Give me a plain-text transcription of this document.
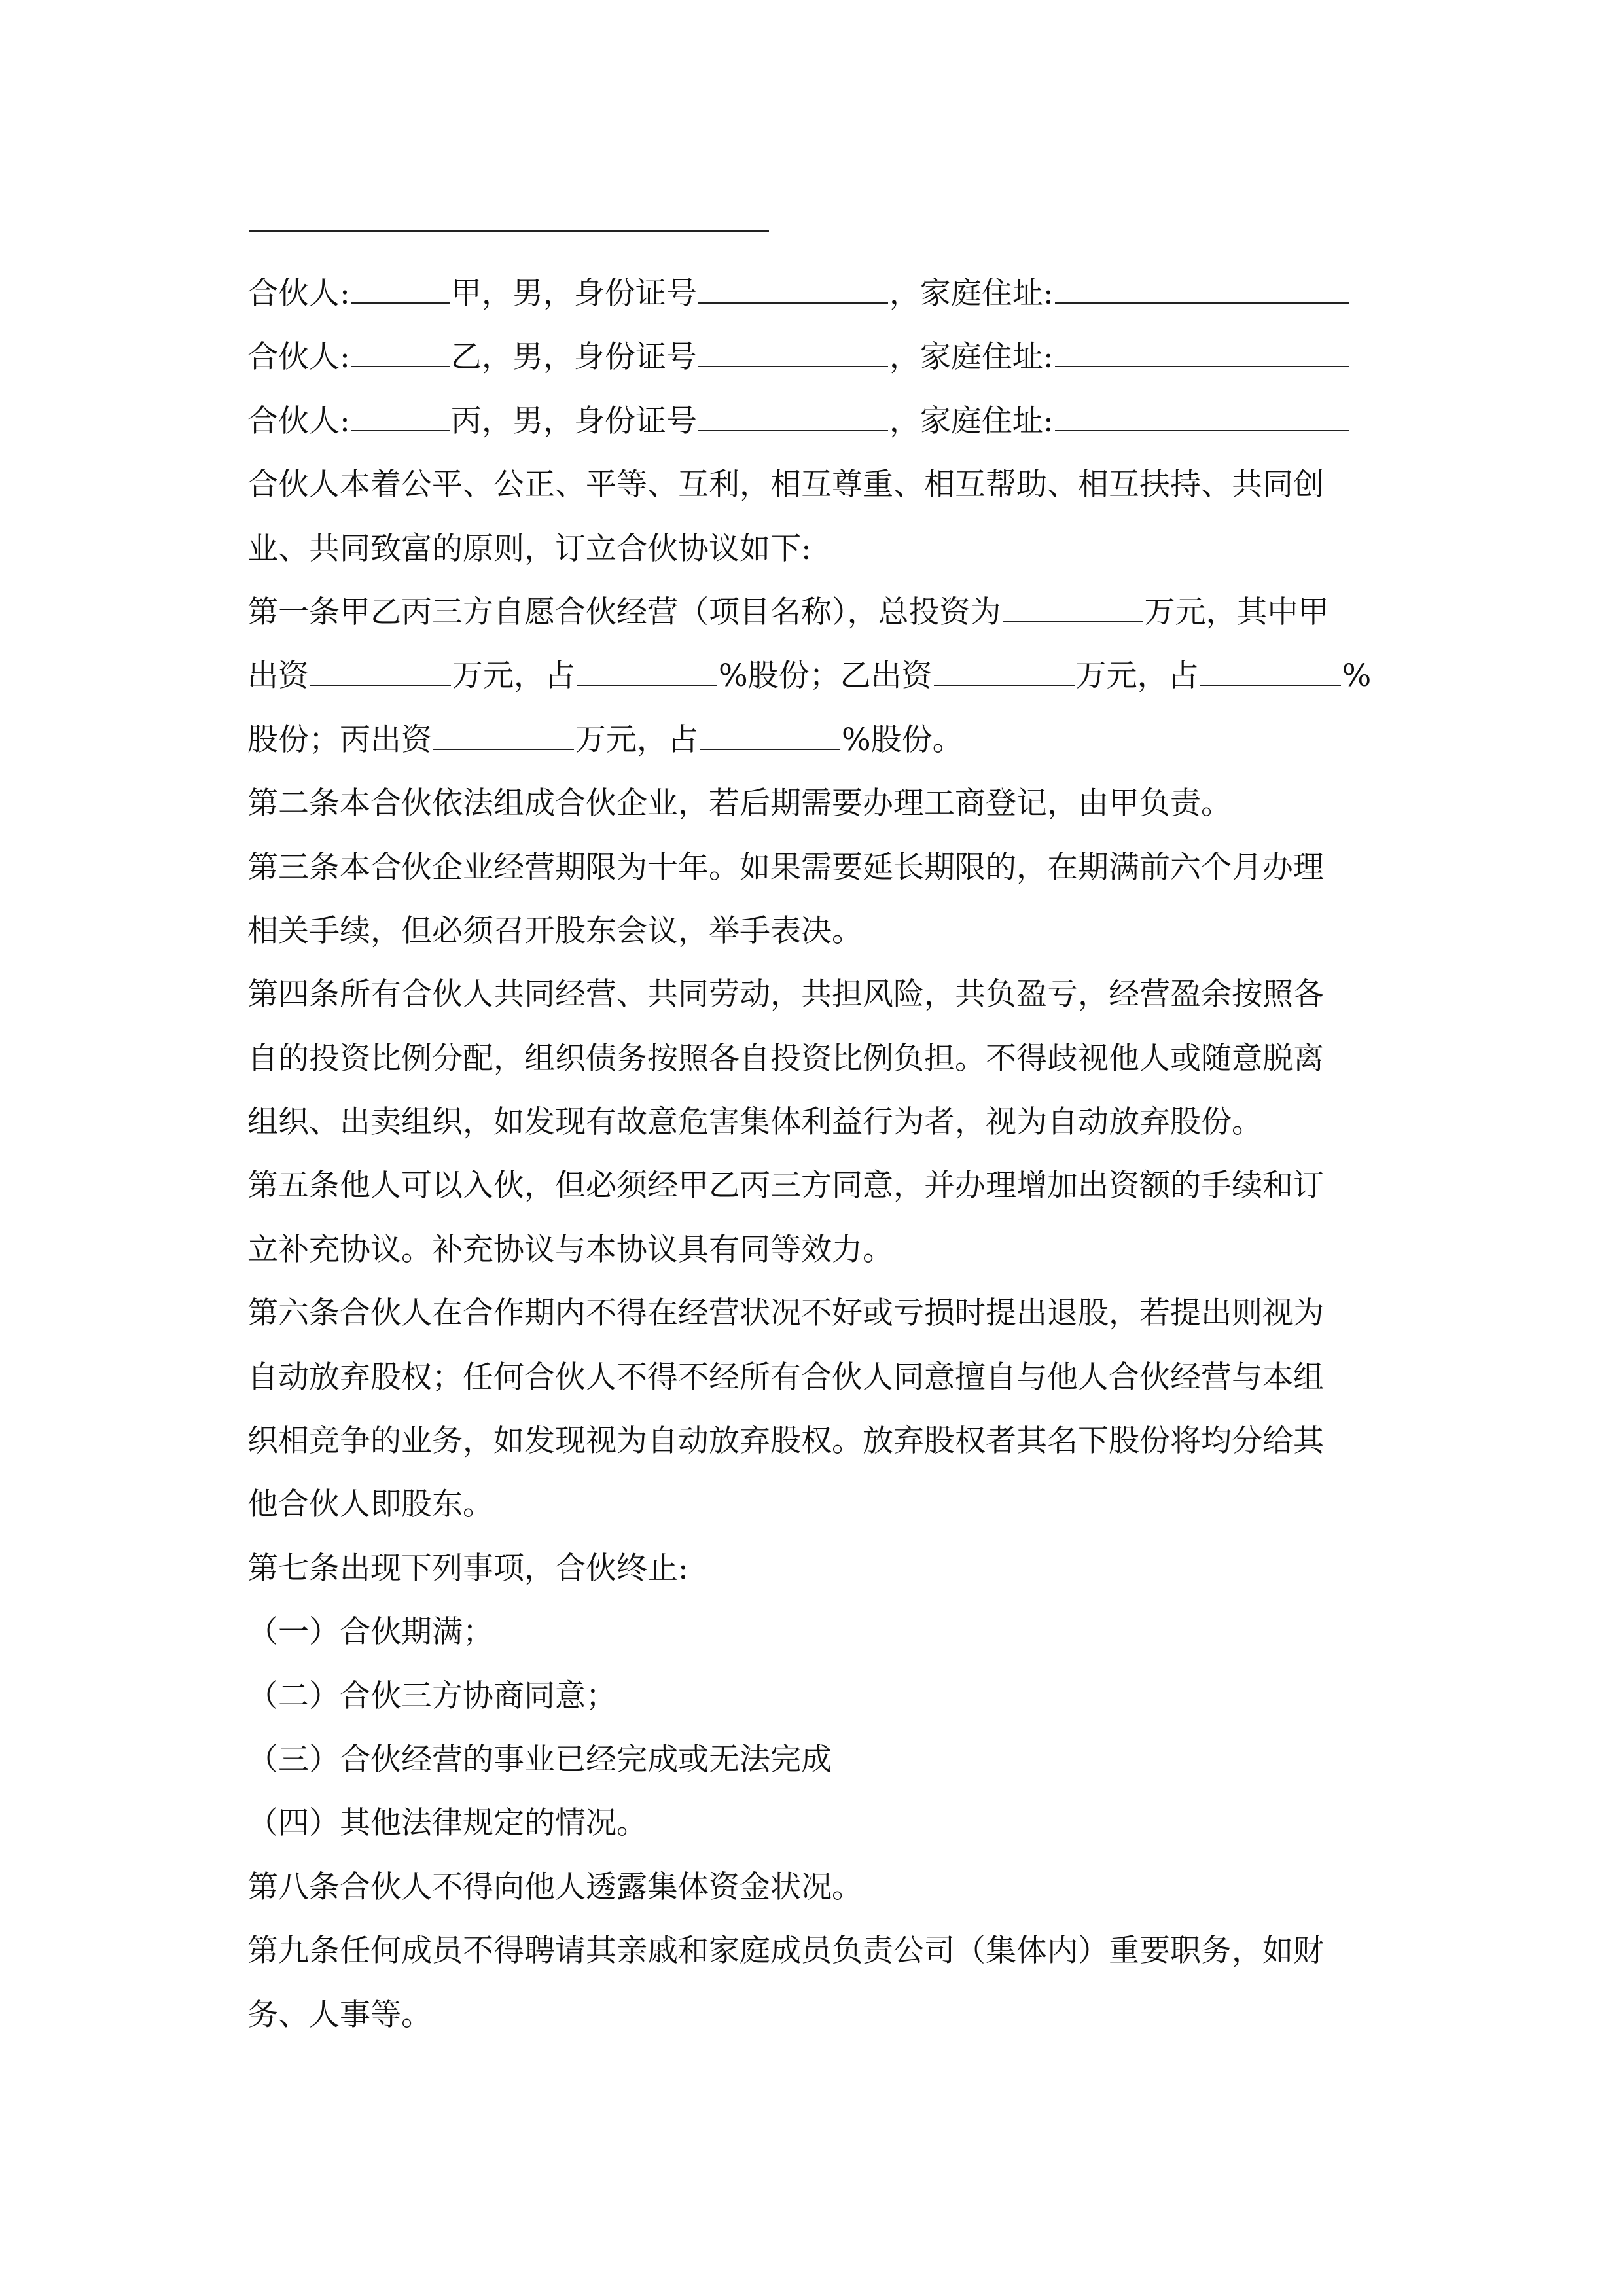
合伙人:	甲 ，男，身份证号	，家庭住址:
合伙人:	乙 ，男，身份证号	，家庭住址:
合伙人:	丙 ，男，身份证号	，家庭住址:
合伙人本着公平、公正、平等、互利，相互尊重、相互帮助、相互扶持、共同创
业、共同致富的原则，订立合伙协议如下:
第一条甲乙丙三方自愿合伙经营（项目名称），总投资为	万元，其中甲
出资	万元，占	%股份；乙出资	万元，占	%
股份；丙出资	万元，占	%股份。
第二条本合伙依法组成合伙企业，若后期需要办理工商登记，由甲负责。
第三条本合伙企业经营期限为十年。如果需要延长期限的，在期满前六个月办理
相关手续，但必须召开股东会议，举手表决。
第四条所有合伙人共同经营、共同劳动，共担风险，共负盈亏，经营盈余按照各
自的投资比例分配，组织债务按照各自投资比例负担。不得歧视他人或随意脱离
组织、出卖组织，如发现有故意危害集体利益行为者，视为自动放弃股份。
第五条他人可以入伙，但必须经甲乙丙三方同意，并办理增加出资额的手续和订
立补充协议。补充协议与本协议具有同等效力。
第六条合伙人在合作期内不得在经营状况不好或亏损时提出退股，若提出则视为
自动放弃股权；任何合伙人不得不经所有合伙人同意擅自与他人合伙经营与本组
织相竞争的业务，如发现视为自动放弃股权。放弃股权者其名下股份将均分给其
他合伙人即股东。
第七条出现下列事项，合伙终止:
（一）合伙期满；
（二）合伙三方协商同意；
（三）合伙经营的事业已经完成或无法完成
（四）其他法律规定的情况。
第八条合伙人不得向他人透露集体资金状况。
第九条任何成员不得聘请其亲戚和家庭成员负责公司（集体内）重要职务，如财
务、人事等。
